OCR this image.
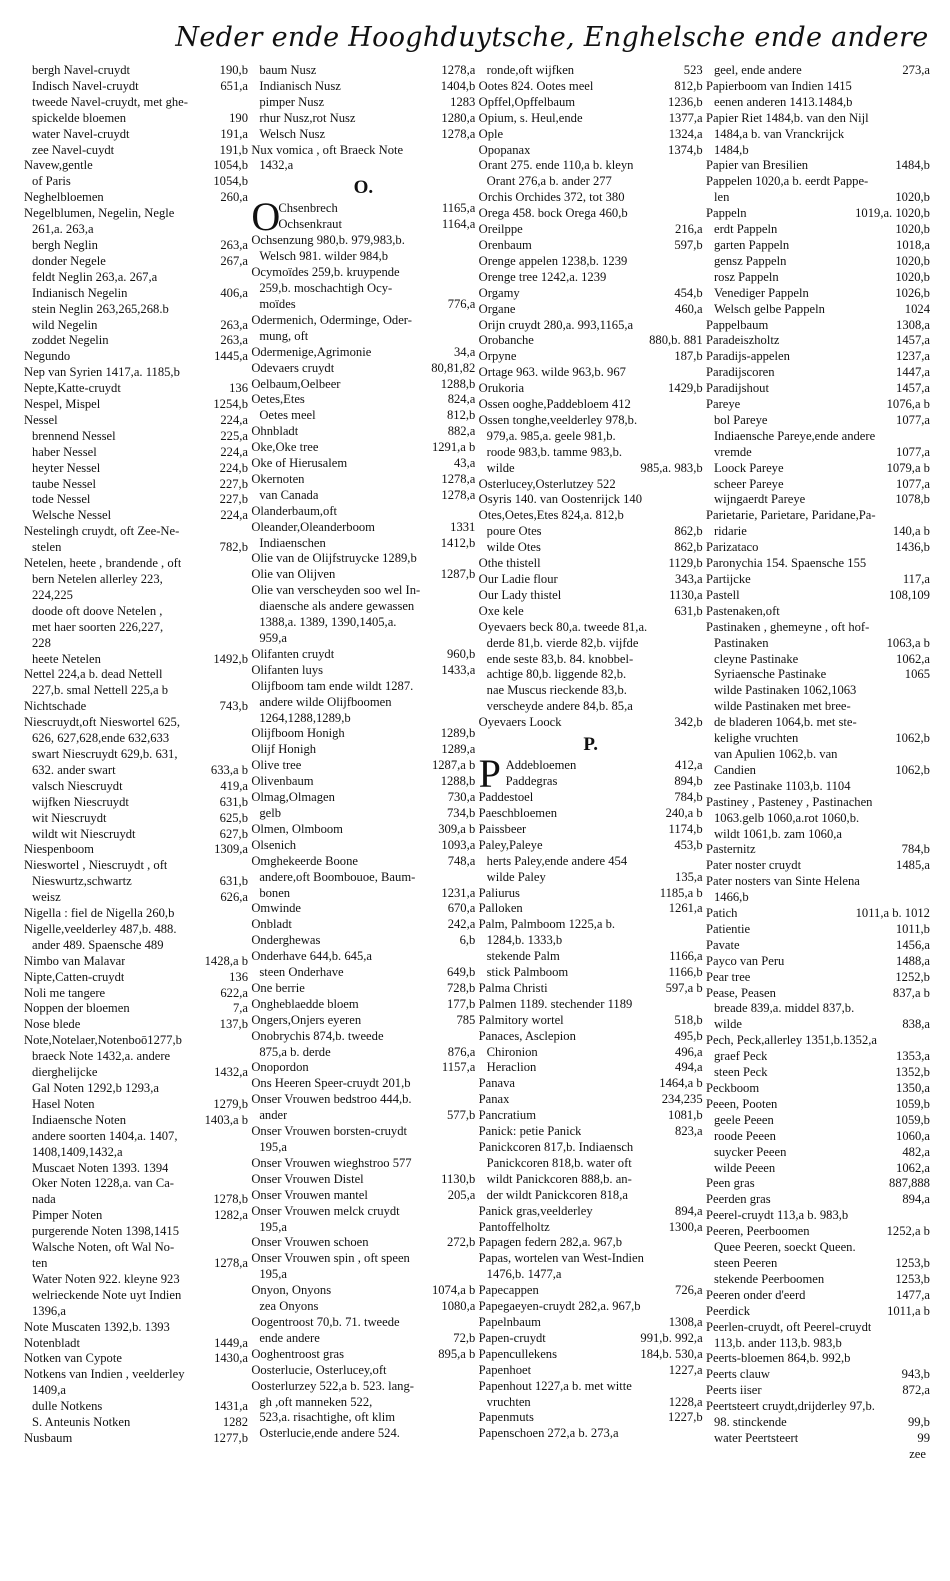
Neder ende Hooghduytsche, Enghelsche ende andere
bergh Navel-cruydt	190,b
Indisch Navel-cruydt	651,a
tweede Navel-cruydt, met ghe-
spickelde bloemen	190
water Navel-cruydt	191,a
zee Navel-cuydt	191,b
Navew,gentle	1054,b
of Paris	1054,b
Neghelbloemen	260,a
Negelblumen, Negelin, Negle
261,a. 263,a
bergh Neglin	263,a
donder Negele	267,a
feldt Neglin 263,a. 267,a
Indianisch Negelin	406,a
stein Neglin 263,265,268.b
wild Negelin	263,a
zoddet Negelin	263,a
Negundo	1445,a
Nep van Syrien 1417,a. 1185,b
Nepte,Katte-cruydt	136
Nespel, Mispel	1254,b
Nessel	224,a
brennend Nessel	225,a
haber Nessel	224,a
heyter Nessel	224,b
taube Nessel	227,b
tode Nessel	227,b
Welsche Nessel	224,a
Nestelingh cruydt, oft Zee-Ne-
stelen	782,b
Netelen, heete , brandende , oft
bern Netelen allerley 223,
224,225
doode oft doove Netelen ,
met haer soorten 226,227,
228
heete Netelen	1492,b
Nettel 224,a b. dead Nettell
227,b. smal Nettell 225,a b
Nichtschade	743,b
Niescruydt,oft Nieswortel 625,
626, 627,628,ende 632,633
swart Niescruydt 629,b. 631,
632. ander swart	633,a b
valsch Niescruydt	419,a
wijfken Niescruydt	631,b
wit Niescruydt	625,b
wildt wit Niescruydt	627,b
Niespenboom	1309,a
Nieswortel , Niescruydt , oft
Nieswurtz,schwartz	631,b
weisz	626,a
Nigella : fiel de Nigella 260,b
Nigelle,veelderley 487,b. 488.
ander 489. Spaensche 489
Nimbo van Malavar	1428,a b
Nipte,Catten-cruydt	136
Noli me tangere	622,a
Noppen der bloemen	7,a
Nose blede	137,b
Note,Notelaer,Notenboō1277,b
braeck Note 1432,a. andere
dierghelijcke	1432,a
Gal Noten 1292,b 1293,a
Hasel Noten	1279,b
Indiaensche Noten	1403,a b
andere soorten 1404,a. 1407,
1408,1409,1432,a
Muscaet Noten 1393. 1394
Oker Noten 1228,a. van Ca-
nada	1278,b
Pimper Noten	1282,a
purgerende Noten 1398,1415
Walsche Noten, oft Wal No-
ten	1278,a
Water Noten 922. kleyne 923
welrieckende Note uyt Indien
1396,a
Note Muscaten 1392,b. 1393
Notenbladt	1449,a
Notken van Cypote	1430,a
Notkens van Indien , veelderley
1409,a
dulle Notkens	1431,a
S. Anteunis Notken	1282
Nusbaum	1277,b
baum Nusz	1278,a
Indianisch Nusz	1404,b
pimper Nusz	1283
rhur Nusz,rot Nusz	1280,a
Welsch Nusz	1278,a
Nux vomica , oft Braeck Note
1432,a
O.
O
Chsenbrech	1165,a
Ochsenkraut	1164,a
Ochsenzung 980,b. 979,983,b.
Welsch 981. wilder 984,b
Ocymoïdes 259,b. kruypende
259,b. moschachtigh Ocy-
moïdes	776,a
Odermenich, Oderminge, Oder-
mung, oft
Odermenige,Agrimonie	34,a
Odevaers cruydt	80,81,82
Oelbaum,Oelbeer	1288,b
Oetes,Etes	824,a
Oetes meel	812,b
Ohnbladt	882,a
Oke,Oke tree	1291,a b
Oke of Hierusalem	43,a
Okernoten	1278,a
van Canada	1278,a
Olanderbaum,oft
Oleander,Oleanderboom	1331
Indiaenschen	1412,b
Olie van de Olijfstruycke 1289,b
Olie van Olijven	1287,b
Olie van verscheyden soo wel In-
diaensche als andere gewassen
1388,a. 1389, 1390,1405,a.
959,a
Olifanten cruydt	960,b
Olifanten luys	1433,a
Olijfboom tam ende wildt 1287.
andere wilde Olijfboomen
1264,1288,1289,b
Olijfboom Honigh	1289,b
Olijf Honigh	1289,a
Olive tree	1287,a b
Olivenbaum	1288,b
Olmag,Olmagen	730,a
gelb	734,b
Olmen, Olmboom	309,a b
Olsenich	1093,a
Omghekeerde Boone	748,a
andere,oft Boombouoe, Baum-
bonen	1231,a
Omwinde	670,a
Onbladt	242,a
Onderghewas	6,b
Onderhave 644,b. 645,a
steen Onderhave	649,b
One berrie	728,b
Ongheblaedde bloem	177,b
Ongers,Onjers eyeren	785
Onobrychis 874,b. tweede
875,a b. derde	876,a
Onopordon	1157,a
Ons Heeren Speer-cruydt 201,b
Onser Vrouwen bedstroo 444,b.
ander	577,b
Onser Vrouwen borsten-cruydt
195,a
Onser Vrouwen wieghstroo 577
Onser Vrouwen Distel	1130,b
Onser Vrouwen mantel	205,a
Onser Vrouwen melck cruydt
195,a
Onser Vrouwen schoen	272,b
Onser Vrouwen spin , oft speen
195,a
Onyon, Onyons	1074,a b
zea Onyons	1080,a
Oogentroost 70,b. 71. tweede
ende andere	72,b
Ooghentroost gras	895,a b
Oosterlucie, Osterlucey,oft
Oosterlurzey 522,a b. 523. lang-
gh ,oft manneken 522,
523,a. risachtighe, oft klim
Osterlucie,ende andere 524.
ronde,oft wijfken	523
Ootes 824. Ootes meel	812,b
Opffel,Opffelbaum	1236,b
Opium, s. Heul,ende	1377,a
Ople	1324,a
Opopanax	1374,b
Orant 275. ende 110,a b. kleyn
Orant 276,a b. ander 277
Orchis Orchides 372, tot 380
Orega 458. bock Orega 460,b
Oreilppe	216,a
Orenbaum	597,b
Orenge appelen 1238,b. 1239
Orenge tree 1242,a. 1239
Orgamy	454,b
Organe	460,a
Orijn cruydt 280,a. 993,1165,a
Orobanche	880,b. 881
Orpyne	187,b
Ortage 963. wilde 963,b. 967
Orukoria	1429,b
Ossen ooghe,Paddebloem 412
Ossen tonghe,veelderley 978,b.
979,a. 985,a. geele 981,b.
roode 983,b. tamme 983,b.
wilde	985,a. 983,b
Osterlucey,Osterlutzey 522
Osyris 140. van Oostenrijck 140
Otes,Oetes,Etes 824,a. 812,b
poure Otes	862,b
wilde Otes	862,b
Othe thistell	1129,b
Our Ladie flour	343,a
Our Lady thistel	1130,a
Oxe kele	631,b
Oyevaers beck 80,a. tweede 81,a.
derde 81,b. vierde 82,b. vijfde
ende seste 83,b. 84. knobbel-
achtige 80,b. liggende 82,b.
nae Muscus rieckende 83,b.
verscheyde andere 84,b. 85,a
Oyevaers Loock	342,b
P.
P Addebloemen	412,a
Paddegras	894,b
Paddestoel	784,b
Paeschbloemen	240,a b
Paissbeer	1174,b
Paley,Paleye	453,b
herts Paley,ende andere 454
wilde Paley	135,a
Paliurus	1185,a b
Palloken	1261,a
Palm, Palmboom 1225,a b.
1284,b. 1333,b
stekende Palm	1166,a
stick Palmboom	1166,b
Palma Christi	597,a b
Palmen 1189. stechender 1189
Palmitory wortel	518,b
Panaces, Asclepion	495,b
Chironion	496,a
Heraclion	494,a
Panava	1464,a b
Panax	234,235
Pancratium	1081,b
Panick: petie Panick	823,a
Panickcoren 817,b. Indiaensch
Panickcoren 818,b. water oft
wildt Panickcoren 888,b. an-
der wildt Panickcoren 818,a
Panick gras,veelderley	894,a
Pantoffelholtz	1300,a
Papagen federn 282,a. 967,b
Papas, wortelen van West-Indien
1476,b. 1477,a
Papecappen	726,a
Papegaeyen-cruydt 282,a. 967,b
Papelnbaum	1308,a
Papen-cruydt	991,b. 992,a
Papencullekens	184,b. 530,a
Papenhoet	1227,a
Papenhout 1227,a b. met witte
vruchten	1228,a
Papenmuts	1227,b
Papenschoen 272,a b. 273,a
geel, ende andere	273,a
Papierboom van Indien 1415
eenen anderen 1413.1484,b
Papier Riet 1484,b. van den Nijl
1484,a b. van Vranckrijck
1484,b
Papier van Bresilien	1484,b
Pappelen 1020,a b. eerdt Pappe-
len	1020,b
Pappeln	1019,a. 1020,b
erdt Pappeln	1020,b
garten Pappeln	1018,a
gensz Pappeln	1020,b
rosz Pappeln	1020,b
Venediger Pappeln	1026,b
Welsch gelbe Pappeln	1024
Pappelbaum	1308,a
Paradeiszholtz	1457,a
Paradijs-appelen	1237,a
Paradijscoren	1447,a
Paradijshout	1457,a
Pareye	1076,a b
bol Pareye	1077,a
Indiaensche Pareye,ende andere
vremde	1077,a
Loock Pareye	1079,a b
scheer Pareye	1077,a
wijngaerdt Pareye	1078,b
Parietarie, Parietare, Paridane,Pa-
ridarie	140,a b
Parizataco	1436,b
Paronychia 154. Spaensche 155
Partijcke	117,a
Pastell	108,109
Pastenaken,oft
Pastinaken , ghemeyne , oft hof-
Pastinaken	1063,a b
cleyne Pastinake	1062,a
Syriaensche Pastinake	1065
wilde Pastinaken 1062,1063
wilde Pastinaken met bree-
de bladeren 1064,b. met ste-
kelighe vruchten	1062,b
van Apulien 1062,b. van
Candien	1062,b
zee Pastinake 1103,b. 1104
Pastiney , Pasteney , Pastinachen
1063.gelb 1060,a.rot 1060,b.
wildt 1061,b. zam 1060,a
Pasternitz	784,b
Pater noster cruydt	1485,a
Pater nosters van Sinte Helena
1466,b
Patich	1011,a b. 1012
Patientie	1011,b
Pavate	1456,a
Payco van Peru	1488,a
Pear tree	1252,b
Pease, Peasen	837,a b
breade 839,a. middel 837,b.
wilde	838,a
Pech, Peck,allerley 1351,b.1352,a
graef Peck	1353,a
steen Peck	1352,b
Peckboom	1350,a
Peeen, Pooten	1059,b
geele Peeen	1059,b
roode Peeen	1060,a
suycker Peeen	482,a
wilde Peeen	1062,a
Peen gras	887,888
Peerden gras	894,a
Peerel-cruydt 113,a b. 983,b
Peeren, Peerboomen	1252,a b
Quee Peeren, soeckt Queen.
steen Peeren	1253,b
stekende Peerboomen	1253,b
Peeren onder d'eerd	1477,a
Peerdick	1011,a b
Peerlen-cruydt, oft Peerel-cruydt
113,b. ander 113,b. 983,b
Peerts-bloemen 864,b. 992,b
Peerts clauw	943,b
Peerts iiser	872,a
Peertsteert cruydt,drijderley 97,b.
98. stinckende	99,b
water Peertsteert	99
zee
